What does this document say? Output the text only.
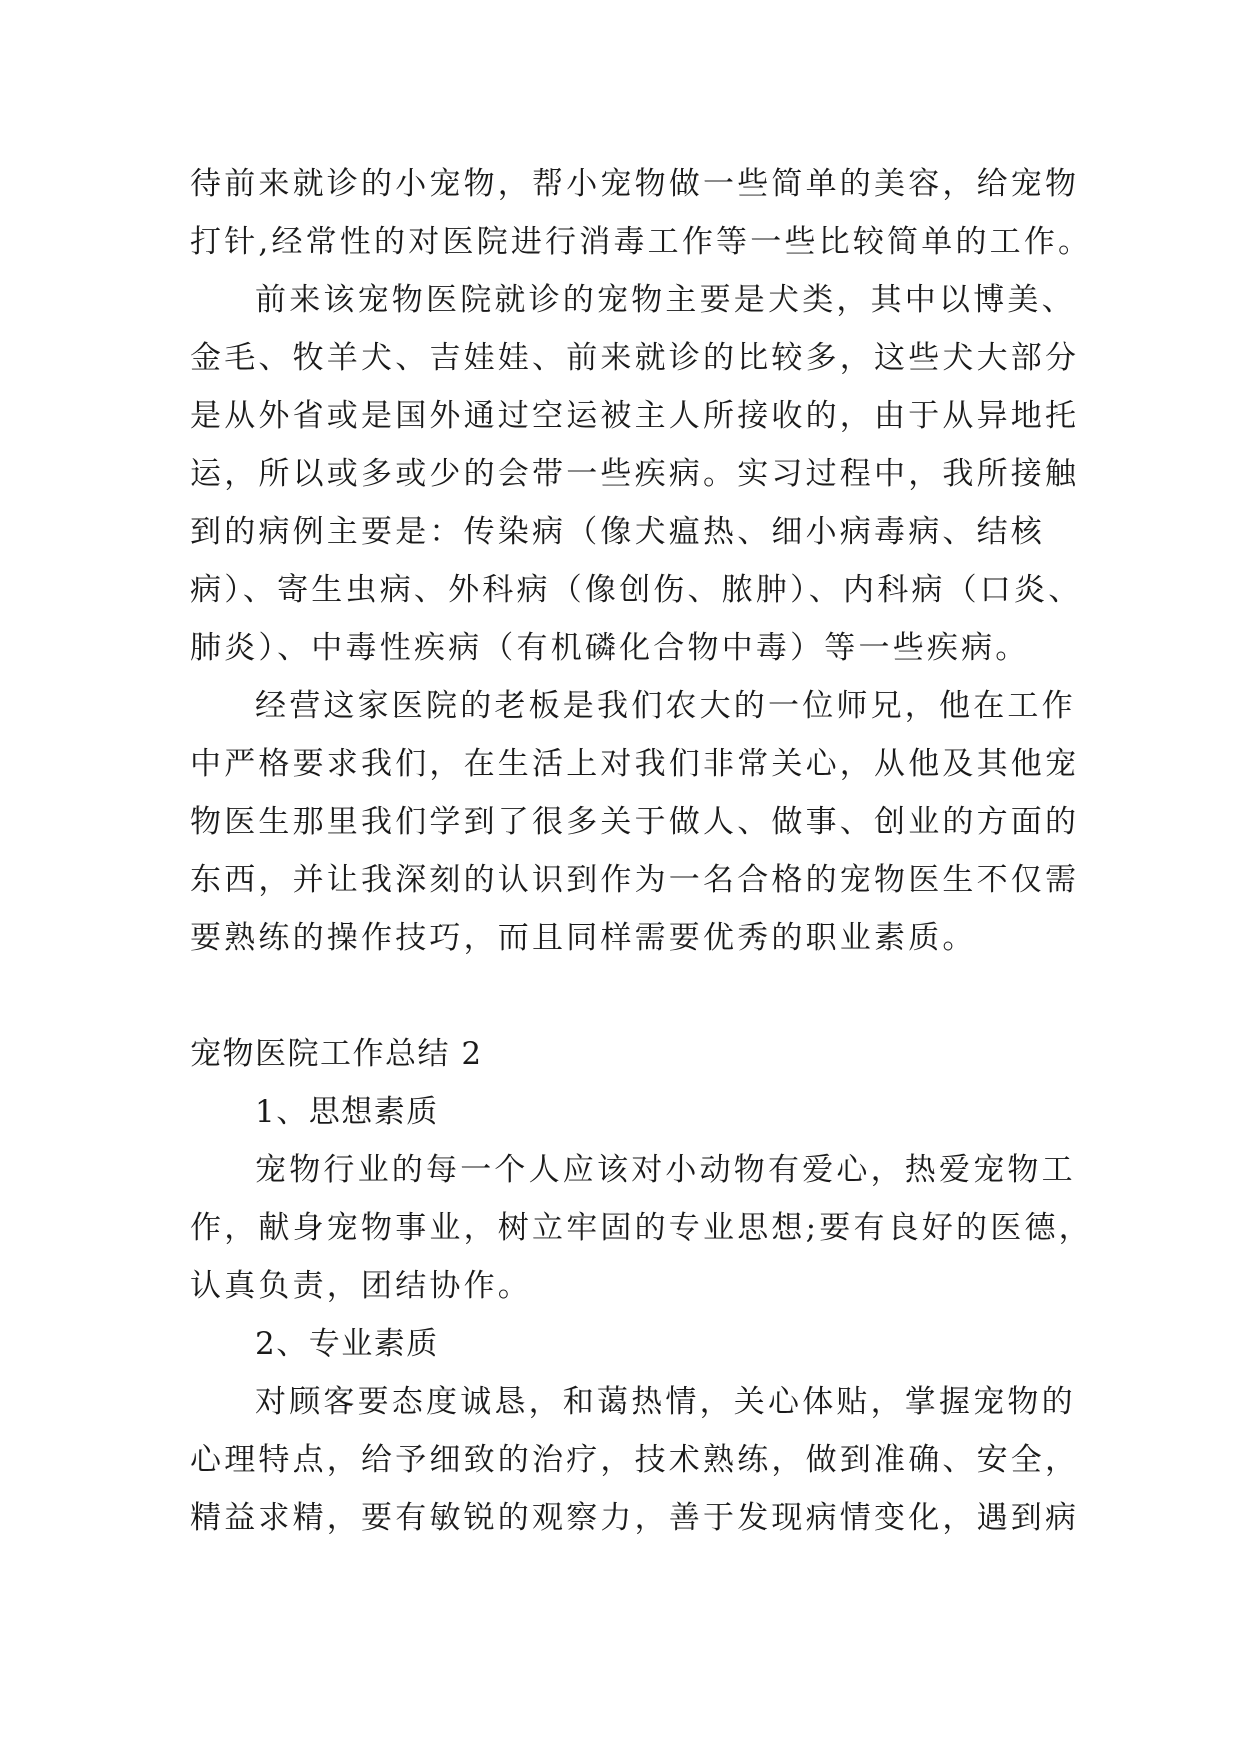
待前来就诊的小宠物，帮小宠物做一些简单的美容，给宠物
打针,经常性的对医院进行消毒工作等一些比较简单的工作。
前来该宠物医院就诊的宠物主要是犬类，其中以博美、
金毛、牧羊犬、吉娃娃、前来就诊的比较多，这些犬大部分
是从外省或是国外通过空运被主人所接收的，由于从异地托
运，所以或多或少的会带一些疾病。实习过程中，我所接触
到的病例主要是：传染病（像犬瘟热、细小病毒病、结核
病）、寄生虫病、外科病（像创伤、脓肿）、内科病（口炎、
肺炎）、中毒性疾病（有机磷化合物中毒）等一些疾病。
经营这家医院的老板是我们农大的一位师兄，他在工作
中严格要求我们，在生活上对我们非常关心，从他及其他宠
物医生那里我们学到了很多关于做人、做事、创业的方面的
东西，并让我深刻的认识到作为一名合格的宠物医生不仅需
要熟练的操作技巧，而且同样需要优秀的职业素质。
宠物医院工作总结 2
1、思想素质
宠物行业的每一个人应该对小动物有爱心，热爱宠物工
作，献身宠物事业，树立牢固的专业思想;要有良好的医德，
认真负责，团结协作。
2、专业素质
对顾客要态度诚恳，和蔼热情，关心体贴，掌握宠物的
心理特点，给予细致的治疗，技术熟练，做到准确、安全，
精益求精，要有敏锐的观察力，善于发现病情变化，遇到病
